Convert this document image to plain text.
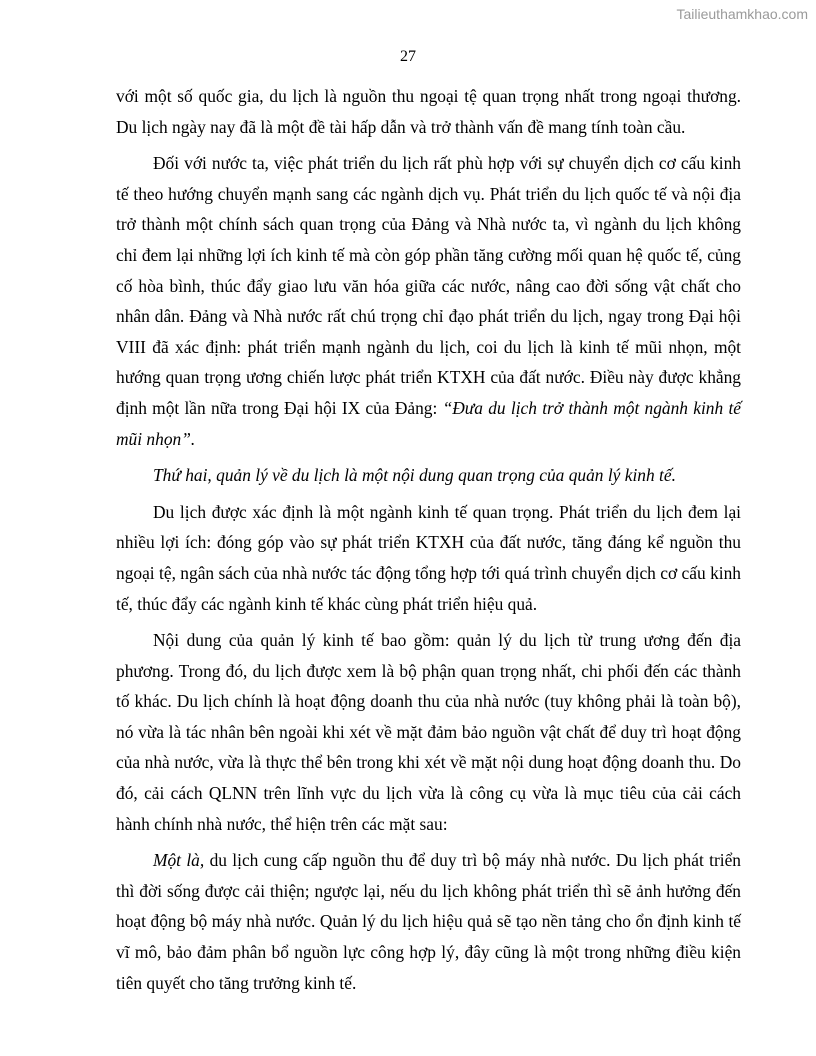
Tailieuthamkhao.com
27

với một số quốc gia, du lịch là nguồn thu ngoại tệ quan trọng nhất trong ngoại thương. Du lịch ngày nay đã là một đề tài hấp dẫn và trở thành vấn đề mang tính toàn cầu.

Đối với nước ta, việc phát triển du lịch rất phù hợp với sự chuyển dịch cơ cấu kinh tế theo hướng chuyển mạnh sang các ngành dịch vụ. Phát triển du lịch quốc tế và nội địa trở thành một chính sách quan trọng của Đảng và Nhà nước ta, vì ngành du lịch không chỉ đem lại những lợi ích kinh tế mà còn góp phần tăng cường mối quan hệ quốc tế, củng cố hòa bình, thúc đẩy giao lưu văn hóa giữa các nước, nâng cao đời sống vật chất cho nhân dân. Đảng và Nhà nước rất chú trọng chỉ đạo phát triển du lịch, ngay trong Đại hội VIII đã xác định: phát triển mạnh ngành du lịch, coi du lịch là kinh tế mũi nhọn, một hướng quan trọng ương chiến lược phát triển KTXH của đất nước. Điều này được khẳng định một lần nữa trong Đại hội IX của Đảng: “Đưa du lịch trở thành một ngành kinh tế mũi nhọn”.

Thứ hai, quản lý về du lịch là một nội dung quan trọng của quản lý kinh tế.

Du lịch được xác định là một ngành kinh tế quan trọng. Phát triển du lịch đem lại nhiều lợi ích: đóng góp vào sự phát triển KTXH của đất nước, tăng đáng kể nguồn thu ngoại tệ, ngân sách của nhà nước tác động tổng hợp tới quá trình chuyển dịch cơ cấu kinh tế, thúc đẩy các ngành kinh tế khác cùng phát triển hiệu quả.

Nội dung của quản lý kinh tế bao gồm: quản lý du lịch từ trung ương đến địa phương. Trong đó, du lịch được xem là bộ phận quan trọng nhất, chi phối đến các thành tố khác. Du lịch chính là hoạt động doanh thu của nhà nước (tuy không phải là toàn bộ), nó vừa là tác nhân bên ngoài khi xét về mặt đảm bảo nguồn vật chất để duy trì hoạt động của nhà nước, vừa là thực thể bên trong khi xét về mặt nội dung hoạt động doanh thu. Do đó, cải cách QLNN trên lĩnh vực du lịch vừa là công cụ vừa là mục tiêu của cải cách hành chính nhà nước, thể hiện trên các mặt sau:

Một là, du lịch cung cấp nguồn thu để duy trì bộ máy nhà nước. Du lịch phát triển thì đời sống được cải thiện; ngược lại, nếu du lịch không phát triển thì sẽ ảnh hưởng đến hoạt động bộ máy nhà nước. Quản lý du lịch hiệu quả sẽ tạo nền tảng cho ổn định kinh tế vĩ mô, bảo đảm phân bổ nguồn lực công hợp lý, đây cũng là một trong những điều kiện tiên quyết cho tăng trưởng kinh tế.
